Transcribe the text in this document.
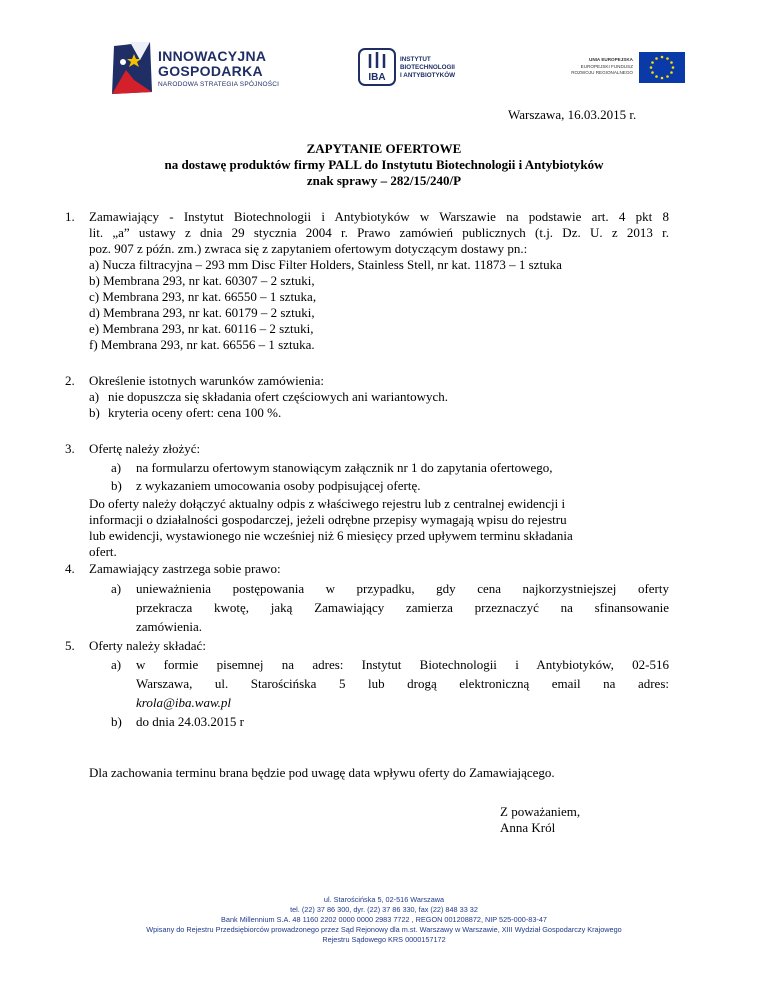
INNOWACYJNA
GOSPODARKA
NARODOWA STRATEGIA SPÓJNOŚCI
IBA
INSTYTUT
BIOTECHNOLOGII
I ANTYBIOTYKÓW
UNIA EUROPEJSKA
EUROPEJSKI FUNDUSZ
ROZWOJU REGIONALNEGO
Warszawa, 16.03.2015 r.
ZAPYTANIE OFERTOWE
na dostawę produktów firmy PALL do Instytutu Biotechnologii i Antybiotyków
znak sprawy – 282/15/240/P
1. Zamawiający - Instytut Biotechnologii i Antybiotyków w Warszawie na podstawie art. 4 pkt 8
lit. „a” ustawy z dnia 29 stycznia 2004 r. Prawo zamówień publicznych (t.j. Dz. U. z 2013 r.
poz. 907 z późn. zm.) zwraca się z zapytaniem ofertowym dotyczącym dostawy pn.:
a) Nucza filtracyjna – 293 mm Disc Filter Holders, Stainless Stell, nr kat. 11873 – 1 sztuka
b) Membrana 293, nr kat. 60307 – 2 sztuki,
c) Membrana 293, nr kat. 66550 – 1 sztuka,
d) Membrana 293, nr kat. 60179 – 2 sztuki,
e) Membrana 293, nr kat. 60116 – 2 sztuki,
f) Membrana 293, nr kat. 66556 – 1 sztuka.
2. Określenie istotnych warunków zamówienia:
a) nie dopuszcza się składania ofert częściowych ani wariantowych.
b) kryteria oceny ofert: cena 100 %.
3. Ofertę należy złożyć:
a) na formularzu ofertowym stanowiącym załącznik nr 1 do zapytania ofertowego,
b) z wykazaniem umocowania osoby podpisującej ofertę.
Do oferty należy dołączyć aktualny odpis z właściwego rejestru lub z centralnej ewidencji i
informacji o działalności gospodarczej, jeżeli odrębne przepisy wymagają wpisu do rejestru
lub ewidencji, wystawionego nie wcześniej niż 6 miesięcy przed upływem terminu składania
ofert.
4. Zamawiający zastrzega sobie prawo:
a) unieważnienia postępowania w przypadku, gdy cena najkorzystniejszej oferty
przekracza kwotę, jaką Zamawiający zamierza przeznaczyć na sfinansowanie
zamówienia.
5. Oferty należy składać:
a) w formie pisemnej na adres: Instytut Biotechnologii i Antybiotyków, 02-516
Warszawa, ul. Starościńska 5 lub drogą elektroniczną email na adres:
krola@iba.waw.pl
b) do dnia 24.03.2015 r
Dla zachowania terminu brana będzie pod uwagę data wpływu oferty do Zamawiającego.
Z poważaniem,
Anna Król
ul. Starościńska 5, 02-516 Warszawa
tel. (22) 37 86 300, dyr. (22) 37 86 330, fax (22) 848 33 32
Bank Millennium S.A. 48 1160 2202 0000 0000 2983 7722 , REGON 001208872, NIP 525-000-83-47
Wpisany do Rejestru Przedsiębiorców prowadzonego przez Sąd Rejonowy dla m.st. Warszawy w Warszawie, XIII Wydział Gospodarczy Krajowego
Rejestru Sądowego KRS 0000157172
